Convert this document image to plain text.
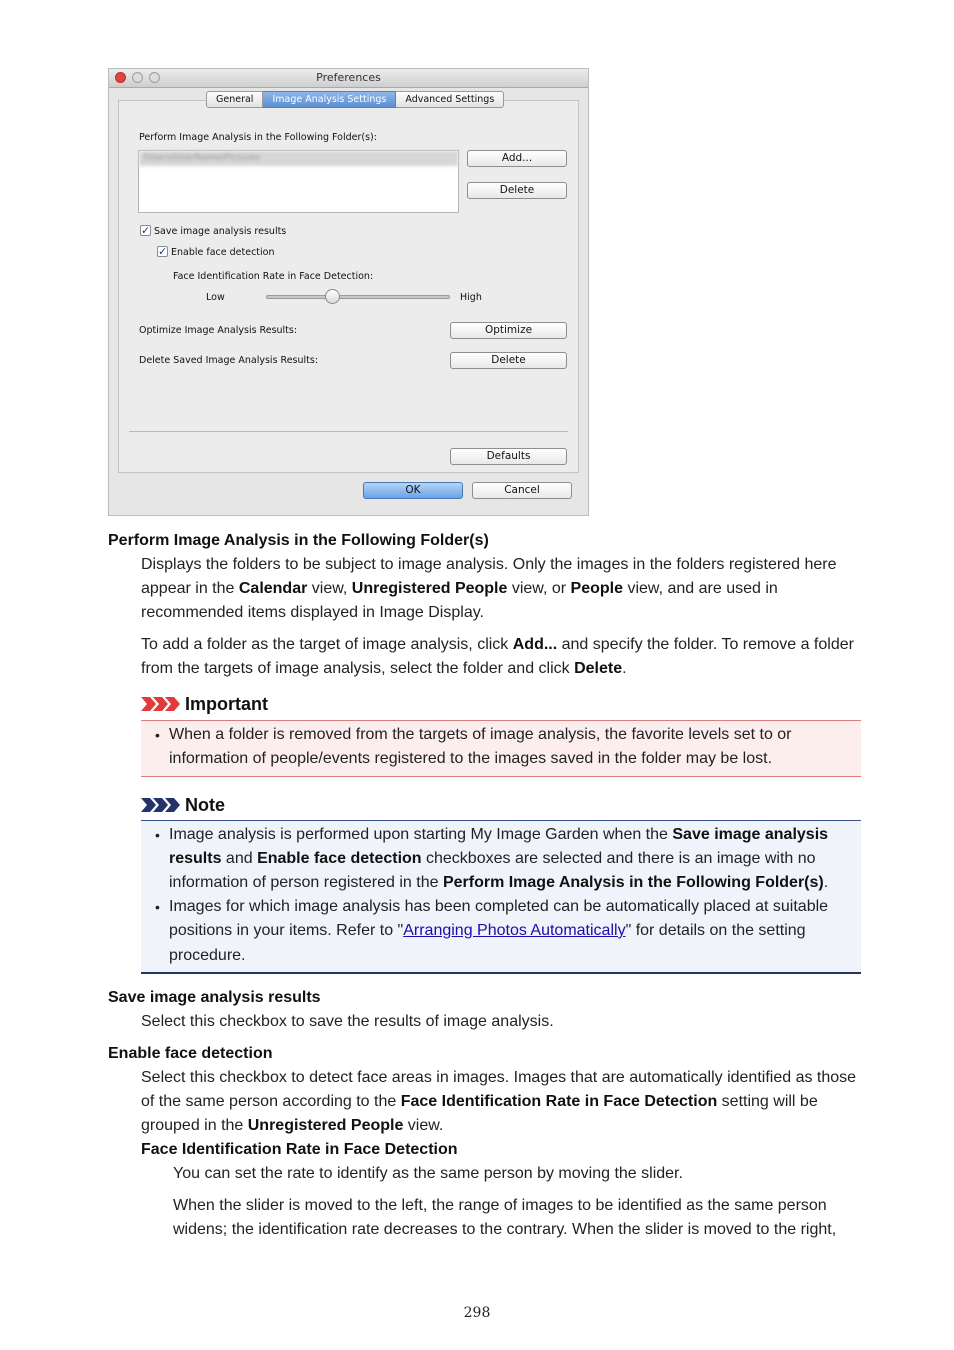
Preferences
General	Image Analysis Settings	Advanced Settings
Perform Image Analysis in the Following Folder(s):
/Users/UserName/Pictures	Add...
Delete
✓ Save image analysis results
✓ Enable face detection
Face Identification Rate in Face Detection:
Low	High
Optimize Image Analysis Results:	Optimize
Delete Saved Image Analysis Results:	Delete
Defaults
OK	Cancel
Perform Image Analysis in the Following Folder(s)
Displays the folders to be subject to image analysis. Only the images in the folders registered here
appear in the Calendar view, Unregistered People view, or People view, and are used in
recommended items displayed in Image Display.
To add a folder as the target of image analysis, click Add... and specify the folder. To remove a folder
from the targets of image analysis, select the folder and click Delete.
Important
• When a folder is removed from the targets of image analysis, the favorite levels set to or
information of people/events registered to the images saved in the folder may be lost.
Note
• Image analysis is performed upon starting My Image Garden when the Save image analysis
results and Enable face detection checkboxes are selected and there is an image with no
information of person registered in the Perform Image Analysis in the Following Folder(s).
• Images for which image analysis has been completed can be automatically placed at suitable
positions in your items. Refer to "Arranging Photos Automatically" for details on the setting
procedure.
Save image analysis results
Select this checkbox to save the results of image analysis.
Enable face detection
Select this checkbox to detect face areas in images. Images that are automatically identified as those
of the same person according to the Face Identification Rate in Face Detection setting will be
grouped in the Unregistered People view.
Face Identification Rate in Face Detection
You can set the rate to identify as the same person by moving the slider.
When the slider is moved to the left, the range of images to be identified as the same person
widens; the identification rate decreases to the contrary. When the slider is moved to the right,
298
